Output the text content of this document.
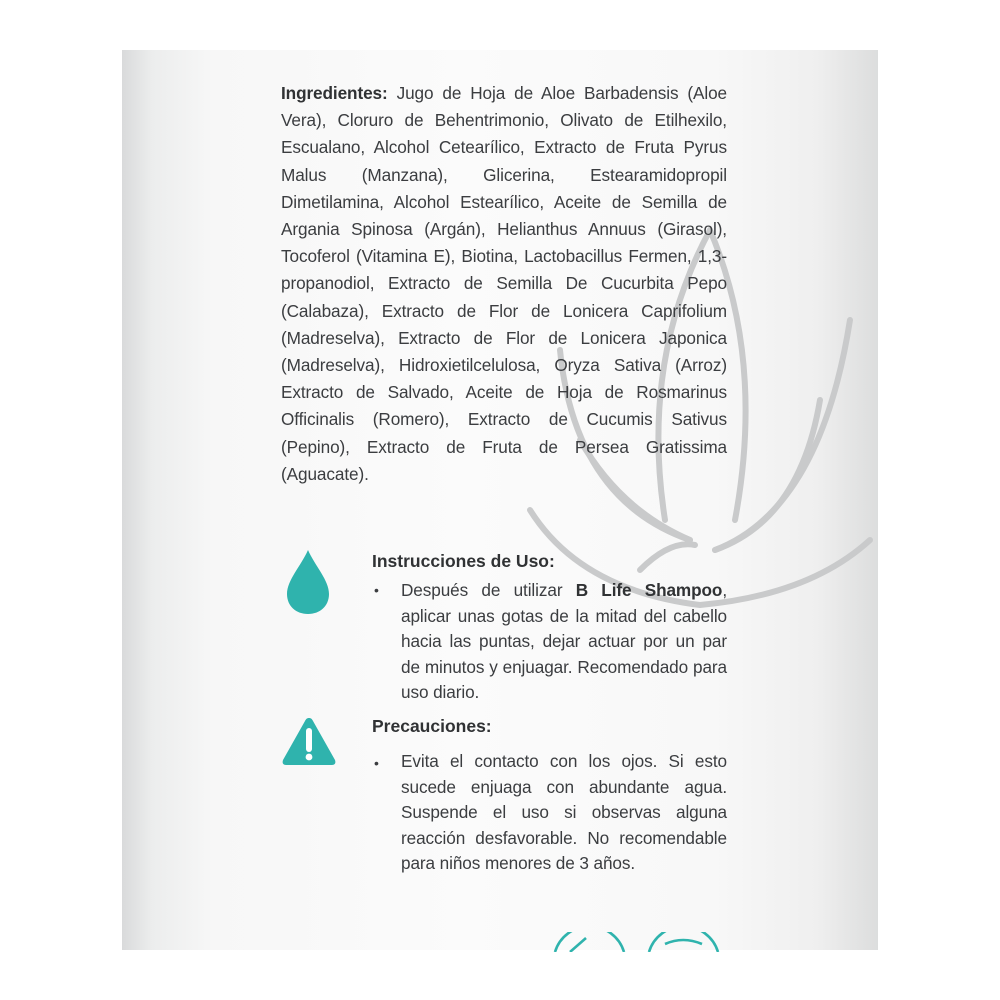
Ingredientes: Jugo de Hoja de Aloe Barbadensis (Aloe Vera), Cloruro de Behentrimonio, Olivato de Etilhexilo, Escualano, Alcohol Cetearílico, Extracto de Fruta Pyrus Malus (Manzana), Glicerina, Estearamidopropil Dimetilamina, Alcohol Estearílico, Aceite de Semilla de Argania Spinosa (Argán), Helianthus Annuus (Girasol), Tocoferol (Vitamina E), Biotina, Lactobacillus Fermen, 1,3-propanodiol, Extracto de Semilla De Cucurbita Pepo (Calabaza), Extracto de Flor de Lonicera Caprifolium (Madreselva), Extracto de Flor de Lonicera Japonica (Madreselva), Hidroxietilcelulosa, Oryza Sativa (Arroz) Extracto de Salvado, Aceite de Hoja de Rosmarinus Officinalis (Romero), Extracto de Cucumis Sativus (Pepino), Extracto de Fruta de Persea Gratissima (Aguacate).
Instrucciones de Uso:
• Después de utilizar B Life Shampoo, aplicar unas gotas de la mitad del cabello hacia las puntas, dejar actuar por un par de minutos y enjuagar. Recomendado para uso diario.
Precauciones:
• Evita el contacto con los ojos. Si esto sucede enjuaga con abundante agua. Suspende el uso si observas alguna reacción desfavorable. No recomendable para niños menores de 3 años.
